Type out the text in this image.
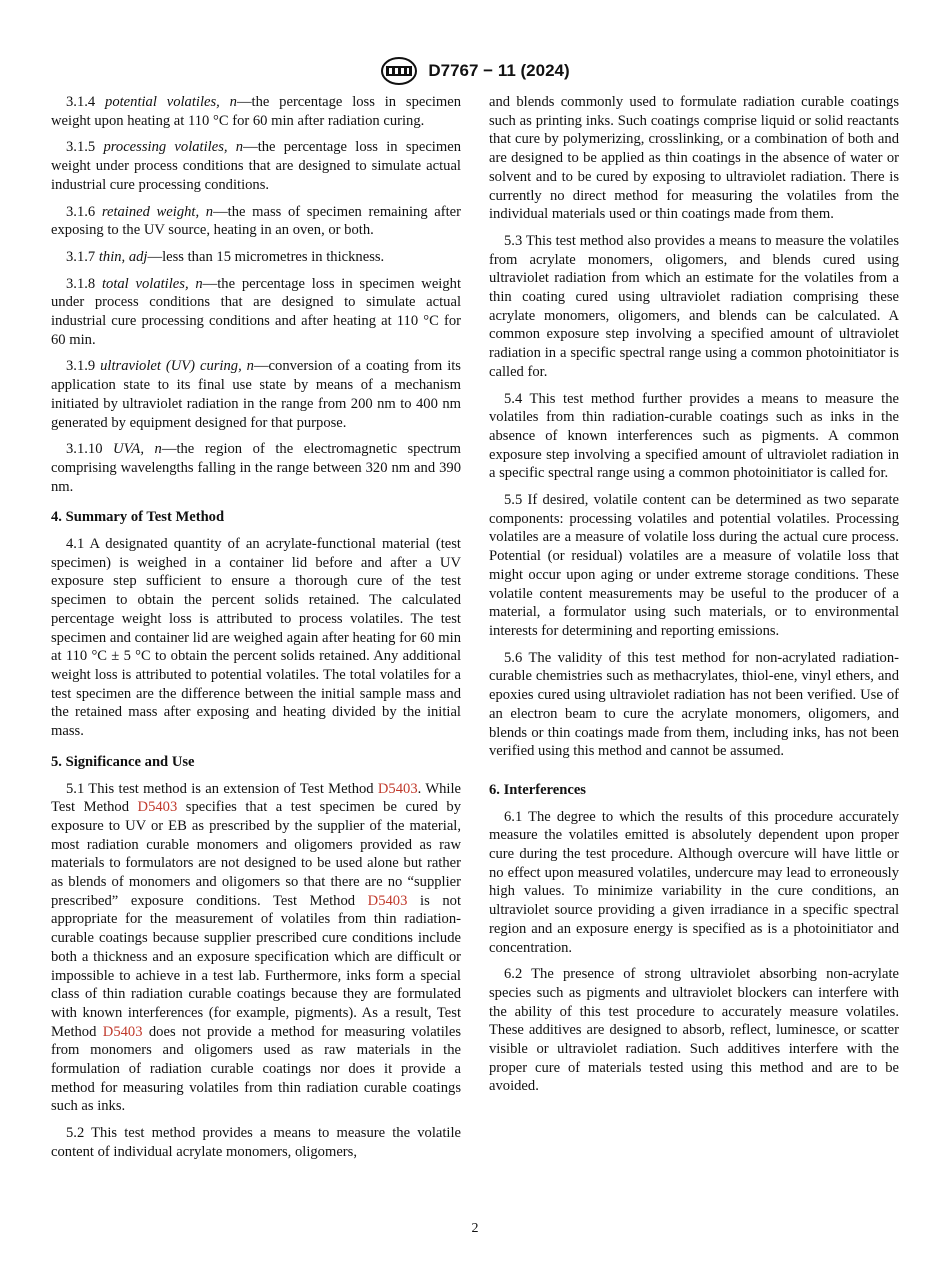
D7767 − 11 (2024)

3.1.4 potential volatiles, n—the percentage loss in specimen weight upon heating at 110 °C for 60 min after radiation curing.

3.1.5 processing volatiles, n—the percentage loss in specimen weight under process conditions that are designed to simulate actual industrial cure processing conditions.

3.1.6 retained weight, n—the mass of specimen remaining after exposing to the UV source, heating in an oven, or both.

3.1.7 thin, adj—less than 15 micrometres in thickness.

3.1.8 total volatiles, n—the percentage loss in specimen weight under process conditions that are designed to simulate actual industrial cure processing conditions and after heating at 110 °C for 60 min.

3.1.9 ultraviolet (UV) curing, n—conversion of a coating from its application state to its final use state by means of a mechanism initiated by ultraviolet radiation in the range from 200 nm to 400 nm generated by equipment designed for that purpose.

3.1.10 UVA, n—the region of the electromagnetic spectrum comprising wavelengths falling in the range between 320 nm and 390 nm.

4. Summary of Test Method

4.1 A designated quantity of an acrylate-functional material (test specimen) is weighed in a container lid before and after a UV exposure step sufficient to ensure a thorough cure of the test specimen to obtain the percent solids retained. The calculated percentage weight loss is attributed to process volatiles. The test specimen and container lid are weighed again after heating for 60 min at 110 °C ± 5 °C to obtain the percent solids retained. Any additional weight loss is attributed to potential volatiles. The total volatiles for a test specimen are the difference between the initial sample mass and the retained mass after exposing and heating divided by the initial mass.

5. Significance and Use

5.1 This test method is an extension of Test Method D5403. While Test Method D5403 specifies that a test specimen be cured by exposure to UV or EB as prescribed by the supplier of the material, most radiation curable monomers and oligomers provided as raw materials to formulators are not designed to be used alone but rather as blends of monomers and oligomers so that there are no “supplier prescribed” exposure conditions. Test Method D5403 is not appropriate for the measurement of volatiles from thin radiation-curable coatings because supplier prescribed cure conditions include both a thickness and an exposure specification which are difficult or impossible to achieve in a test lab. Furthermore, inks form a special class of thin radiation curable coatings because they are formulated with known interferences (for example, pigments). As a result, Test Method D5403 does not provide a method for measuring volatiles from monomers and oligomers used as raw materials in the formulation of radiation curable coatings nor does it provide a method for measuring volatiles from thin radiation curable coatings such as inks.

5.2 This test method provides a means to measure the volatile content of individual acrylate monomers, oligomers,

and blends commonly used to formulate radiation curable coatings such as printing inks. Such coatings comprise liquid or solid reactants that cure by polymerizing, crosslinking, or a combination of both and are designed to be applied as thin coatings in the absence of water or solvent and to be cured by exposing to ultraviolet radiation. There is currently no direct method for measuring the volatiles from the individual materials used or thin coatings made from them.

5.3 This test method also provides a means to measure the volatiles from acrylate monomers, oligomers, and blends cured using ultraviolet radiation from which an estimate for the volatiles from a thin coating cured using ultraviolet radiation comprising these acrylate monomers, oligomers, and blends can be calculated. A common exposure step involving a specified amount of ultraviolet radiation in a specific spectral range using a common photoinitiator is called for.

5.4 This test method further provides a means to measure the volatiles from thin radiation-curable coatings such as inks in the absence of known interferences such as pigments. A common exposure step involving a specified amount of ultraviolet radiation in a specific spectral range using a common photoinitiator is called for.

5.5 If desired, volatile content can be determined as two separate components: processing volatiles and potential volatiles. Processing volatiles are a measure of volatile loss during the actual cure process. Potential (or residual) volatiles are a measure of volatile loss that might occur upon aging or under extreme storage conditions. These volatile content measurements may be useful to the producer of a material, a formulator using such materials, or to environmental interests for determining and reporting emissions.

5.6 The validity of this test method for non-acrylated radiation-curable chemistries such as methacrylates, thiol-ene, vinyl ethers, and epoxies cured using ultraviolet radiation has not been verified. Use of an electron beam to cure the acrylate monomers, oligomers, and blends or thin coatings made from them, including inks, has not been verified using this method and cannot be assumed.

6. Interferences

6.1 The degree to which the results of this procedure accurately measure the volatiles emitted is absolutely dependent upon proper cure during the test procedure. Although overcure will have little or no effect upon measured volatiles, undercure may lead to erroneously high values. To minimize variability in the cure conditions, an ultraviolet source providing a given irradiance in a specific spectral region and an exposure energy is specified as is a photoinitiator and concentration.

6.2 The presence of strong ultraviolet absorbing non-acrylate species such as pigments and ultraviolet blockers can interfere with the ability of this test procedure to accurately measure volatiles. These additives are designed to absorb, reflect, luminesce, or scatter visible or ultraviolet radiation. Such additives interfere with the proper cure of materials tested using this method and are to be avoided.

2
